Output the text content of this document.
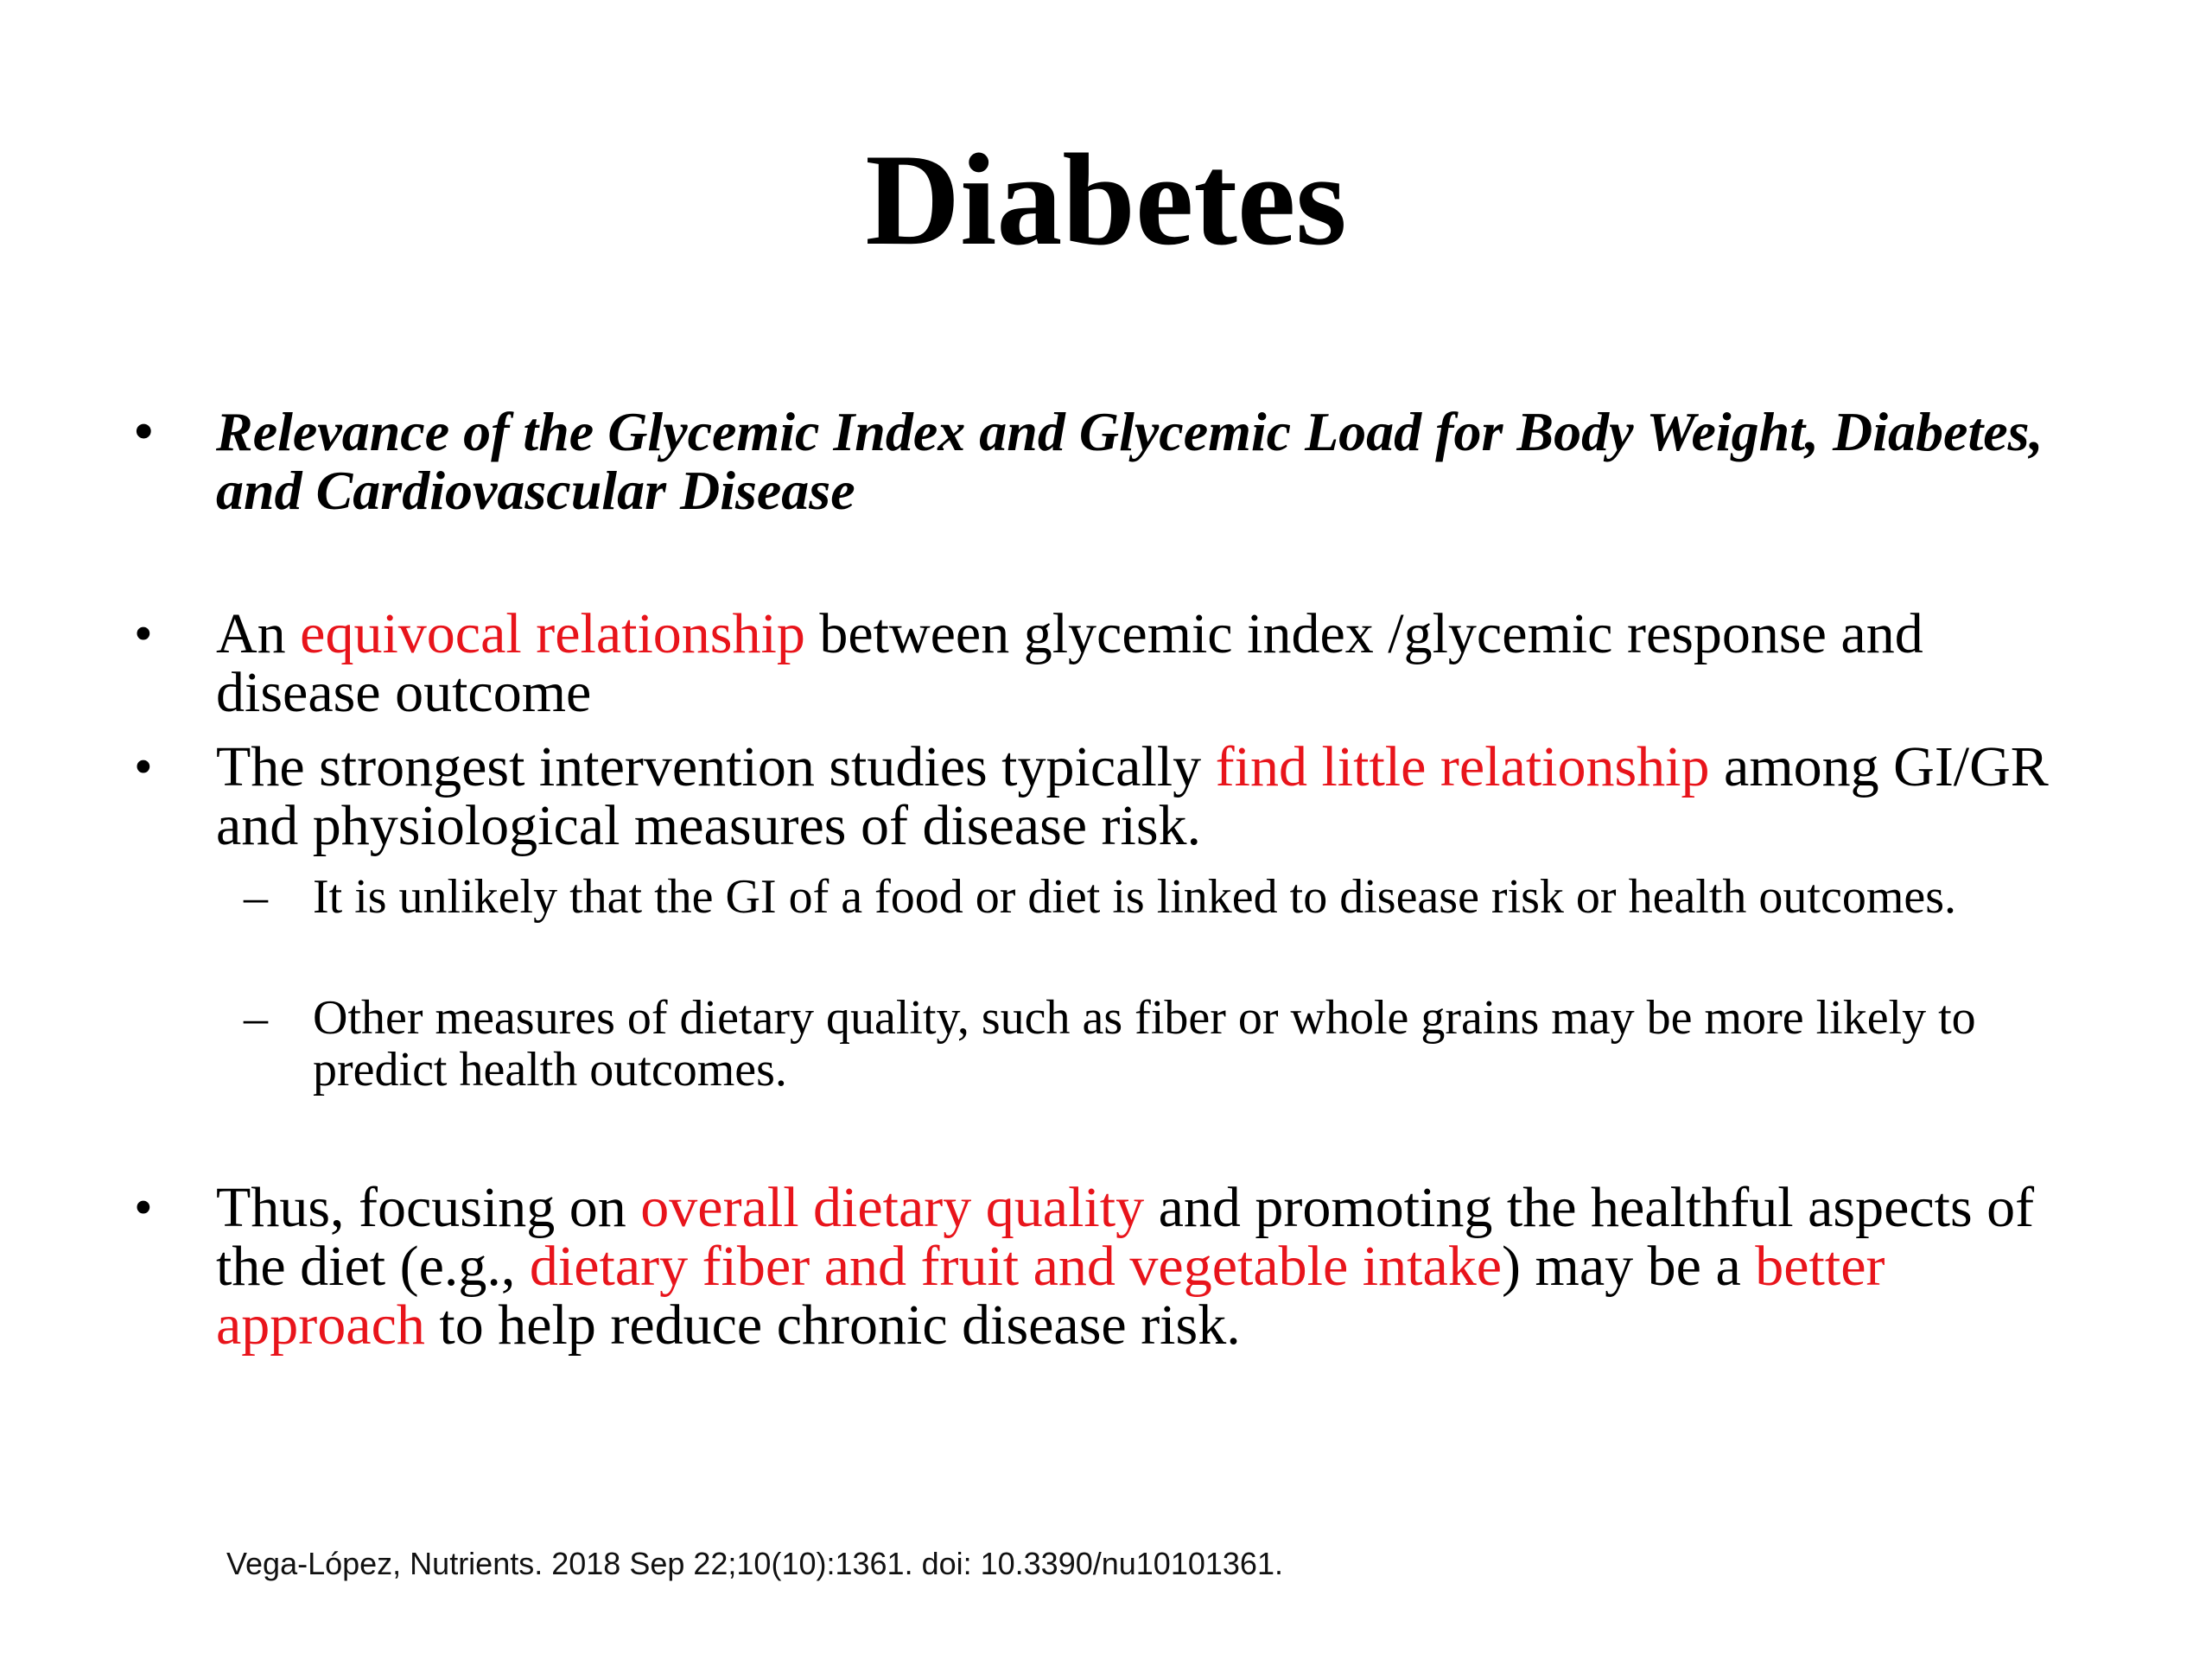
Diabetes
• Relevance of the Glycemic Index and Glycemic Load for Body Weight, Diabetes, and Cardiovascular Disease
• An equivocal relationship between glycemic index /glycemic response and disease outcome
• The strongest intervention studies typically find little relationship among GI/GR and physiological measures of disease risk.
– It is unlikely that the GI of a food or diet is linked to disease risk or health outcomes.
– Other measures of dietary quality, such as fiber or whole grains may be more likely to predict health outcomes.
• Thus, focusing on overall dietary quality and promoting the healthful aspects of the diet (e.g., dietary fiber and fruit and vegetable intake) may be a better approach to help reduce chronic disease risk.
Vega-López, Nutrients. 2018 Sep 22;10(10):1361. doi: 10.3390/nu10101361.
